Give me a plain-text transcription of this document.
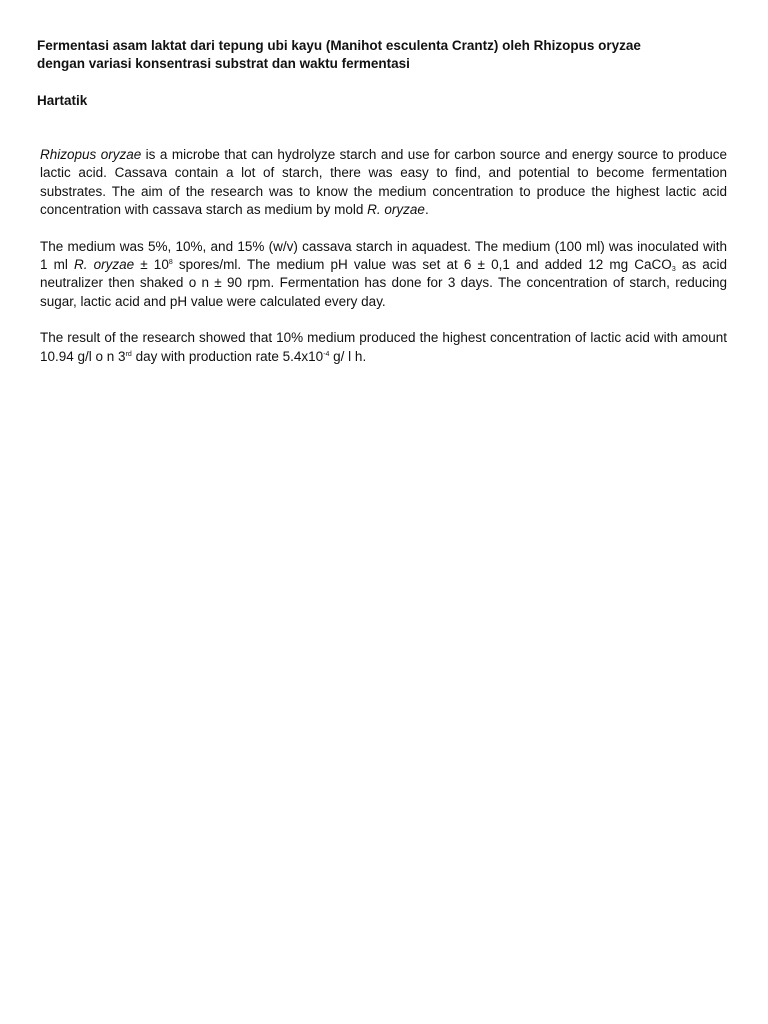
Fermentasi asam laktat dari tepung ubi kayu (Manihot esculenta Crantz) oleh Rhizopus oryzae
dengan variasi konsentrasi substrat dan waktu fermentasi

Hartatik

Rhizopus oryzae is a microbe that can hydrolyze starch and use for carbon source and energy source to produce lactic acid. Cassava contain a lot of starch, there was easy to find, and potential to become fermentation substrates. The aim of the research was to know the medium concentration to produce the highest lactic acid concentration with cassava starch as medium by mold R. oryzae.

The medium was 5%, 10%, and 15% (w/v) cassava starch in aquadest. The medium (100 ml) was inoculated with 1 ml R. oryzae ± $10^8$ spores/ml. The medium pH value was set at 6 ± 0,1 and added 12 mg CaCO$_3$ as acid neutralizer then shaked o n ± 90 rpm. Fermentation has done for 3 days. The concentration of starch, reducing sugar, lactic acid and pH value were calculated every day.

The result of the research showed that 10% medium produced the highest concentration of lactic acid with amount 10.94 g/l o n 3rd day with production rate $5.4x10^{-4}$ g/ l h.
